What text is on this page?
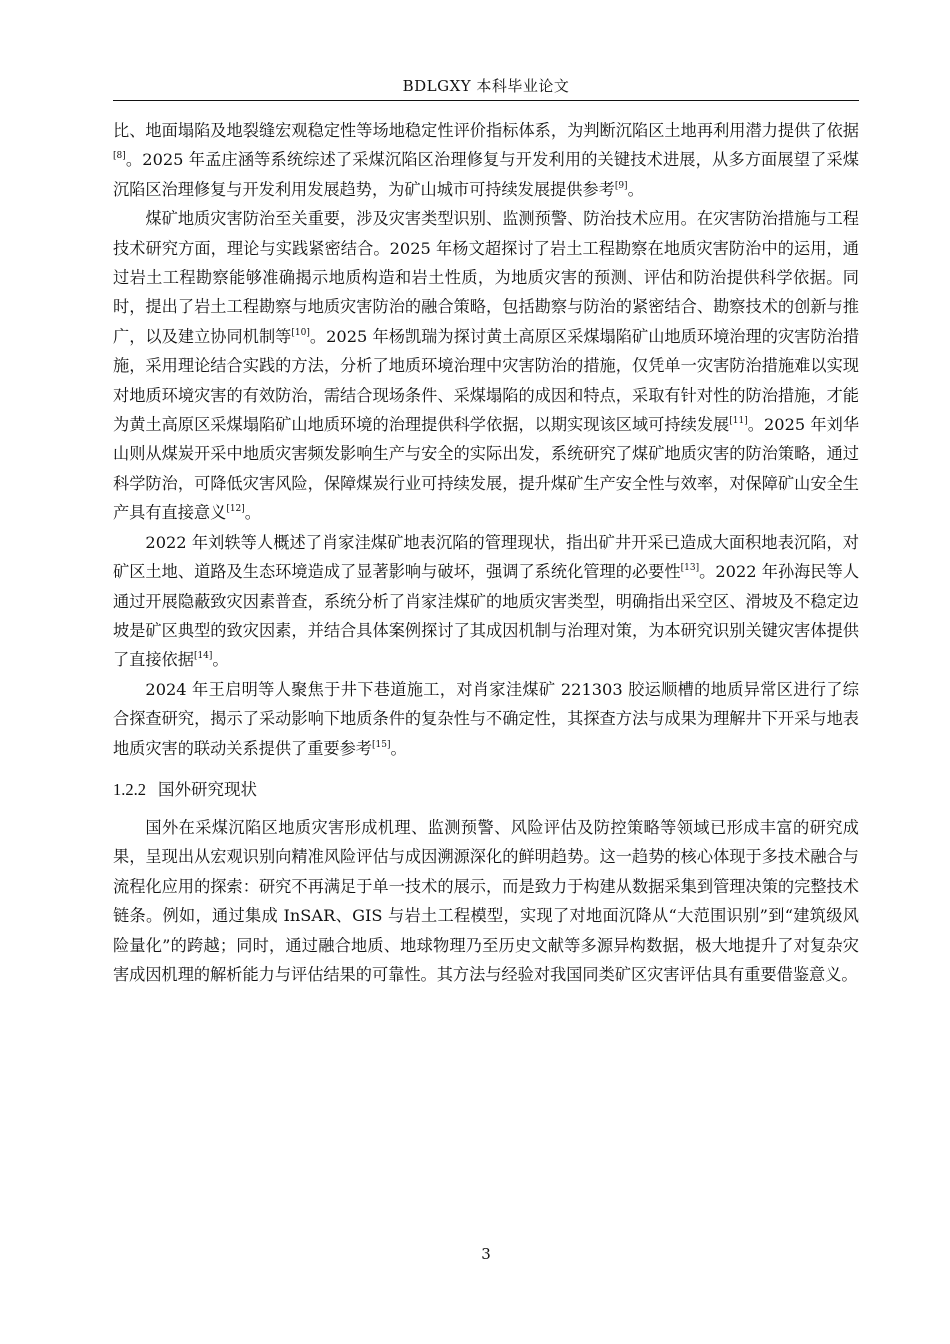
BDLGXY 本科毕业论文

比、地面塌陷及地裂缝宏观稳定性等场地稳定性评价指标体系，为判断沉陷区土地再利用潜力提供了依据[8]。2025 年孟庄涵等系统综述了采煤沉陷区治理修复与开发利用的关键技术进展，从多方面展望了采煤沉陷区治理修复与开发利用发展趋势，为矿山城市可持续发展提供参考[9]。

煤矿地质灾害防治至关重要，涉及灾害类型识别、监测预警、防治技术应用。在灾害防治措施与工程技术研究方面，理论与实践紧密结合。2025 年杨文超探讨了岩土工程勘察在地质灾害防治中的运用，通过岩土工程勘察能够准确揭示地质构造和岩土性质，为地质灾害的预测、评估和防治提供科学依据。同时，提出了岩土工程勘察与地质灾害防治的融合策略，包括勘察与防治的紧密结合、勘察技术的创新与推广，以及建立协同机制等[10]。2025 年杨凯瑞为探讨黄土高原区采煤塌陷矿山地质环境治理的灾害防治措施，采用理论结合实践的方法，分析了地质环境治理中灾害防治的措施，仅凭单一灾害防治措施难以实现对地质环境灾害的有效防治，需结合现场条件、采煤塌陷的成因和特点，采取有针对性的防治措施，才能为黄土高原区采煤塌陷矿山地质环境的治理提供科学依据，以期实现该区域可持续发展[11]。2025 年刘华山则从煤炭开采中地质灾害频发影响生产与安全的实际出发，系统研究了煤矿地质灾害的防治策略，通过科学防治，可降低灾害风险，保障煤炭行业可持续发展，提升煤矿生产安全性与效率，对保障矿山安全生产具有直接意义[12]。

2022 年刘轶等人概述了肖家洼煤矿地表沉陷的管理现状，指出矿井开采已造成大面积地表沉陷，对矿区土地、道路及生态环境造成了显著影响与破坏，强调了系统化管理的必要性[13]。2022 年孙海民等人通过开展隐蔽致灾因素普查，系统分析了肖家洼煤矿的地质灾害类型，明确指出采空区、滑坡及不稳定边坡是矿区典型的致灾因素，并结合具体案例探讨了其成因机制与治理对策，为本研究识别关键灾害体提供了直接依据[14]。

2024 年王启明等人聚焦于井下巷道施工，对肖家洼煤矿 221303 胶运顺槽的地质异常区进行了综合探查研究，揭示了采动影响下地质条件的复杂性与不确定性，其探查方法与成果为理解井下开采与地表地质灾害的联动关系提供了重要参考[15]。

1.2.2 国外研究现状

国外在采煤沉陷区地质灾害形成机理、监测预警、风险评估及防控策略等领域已形成丰富的研究成果，呈现出从宏观识别向精准风险评估与成因溯源深化的鲜明趋势。这一趋势的核心体现于多技术融合与流程化应用的探索：研究不再满足于单一技术的展示，而是致力于构建从数据采集到管理决策的完整技术链条。例如，通过集成 InSAR、GIS 与岩土工程模型，实现了对地面沉降从“大范围识别”到“建筑级风险量化”的跨越；同时，通过融合地质、地球物理乃至历史文献等多源异构数据，极大地提升了对复杂灾害成因机理的解析能力与评估结果的可靠性。其方法与经验对我国同类矿区灾害评估具有重要借鉴意义。

3
